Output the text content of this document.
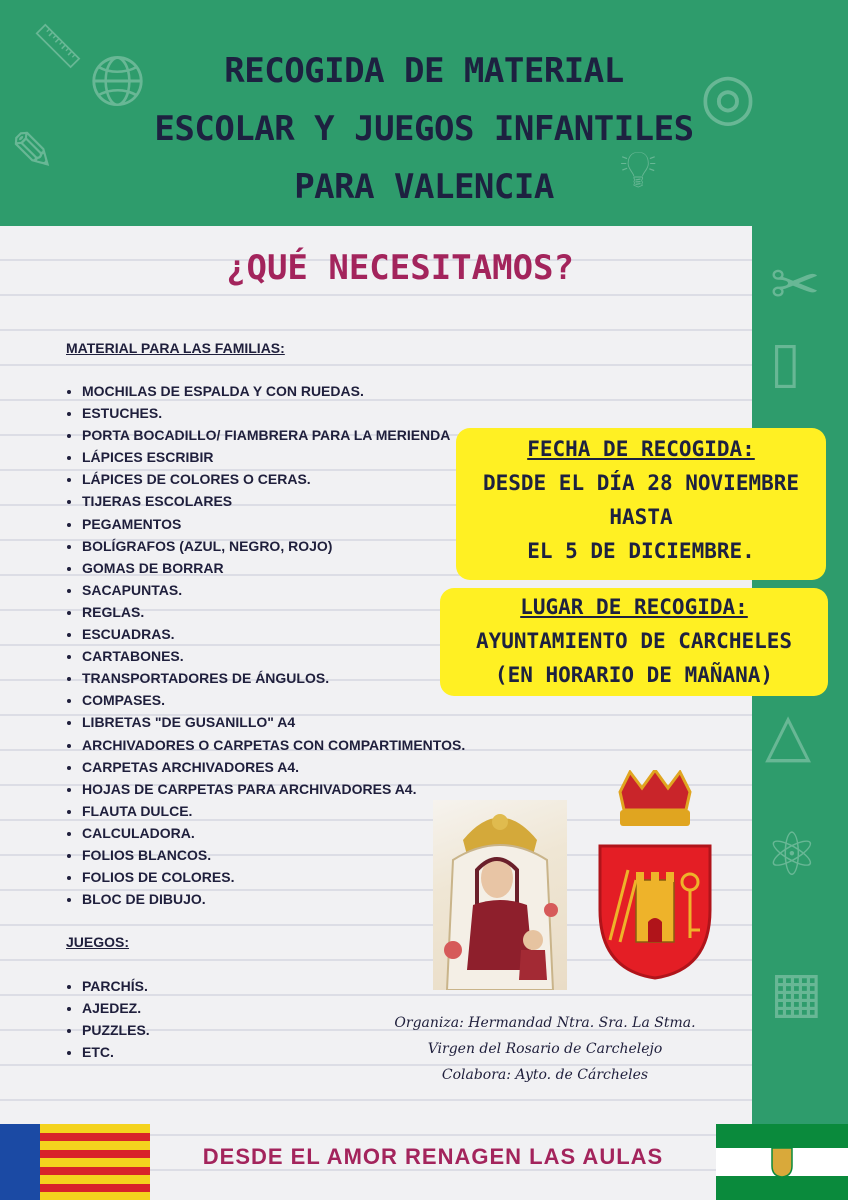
🌐︎
✎
✂
▯
◎
💡︎
△
⚛
▦
📏︎	RECOGIDA DE MATERIAL
ESCOLAR Y JUEGOS INFANTILES
PARA VALENCIA
¿QUÉ NECESITAMOS?
MATERIAL PARA LAS FAMILIAS:
• MOCHILAS DE ESPALDA Y CON RUEDAS.
• ESTUCHES.
• PORTA BOCADILLO/ FIAMBRERA PARA LA MERIENDA
• LÁPICES ESCRIBIR
• LÁPICES DE COLORES O CERAS.
• TIJERAS ESCOLARES
• PEGAMENTOS
• BOLÍGRAFOS (AZUL, NEGRO, ROJO)
• GOMAS DE BORRAR
• SACAPUNTAS.
• REGLAS.
• ESCUADRAS.
• CARTABONES.
• TRANSPORTADORES DE ÁNGULOS.
• COMPASES.
• LIBRETAS "DE GUSANILLO" A4
• ARCHIVADORES O CARPETAS CON COMPARTIMENTOS.
• CARPETAS ARCHIVADORES A4.
• HOJAS DE CARPETAS PARA ARCHIVADORES A4.
• FLAUTA DULCE.
• CALCULADORA.
• FOLIOS BLANCOS.
• FOLIOS DE COLORES.
• BLOC DE DIBUJO.
JUEGOS:
• PARCHÍS.
• AJEDEZ.
• PUZZLES.
• ETC.
FECHA DE RECOGIDA:
DESDE EL DÍA 28 NOVIEMBRE
HASTA
EL 5 DE DICIEMBRE.
LUGAR DE RECOGIDA:
AYUNTAMIENTO DE CARCHELES
(EN HORARIO DE MAÑANA)
Organiza: Hermandad Ntra. Sra. La Stma.
Virgen del Rosario de Carchelejo
Colabora: Ayto. de Cárcheles
DESDE EL AMOR RENAGEN LAS AULAS
